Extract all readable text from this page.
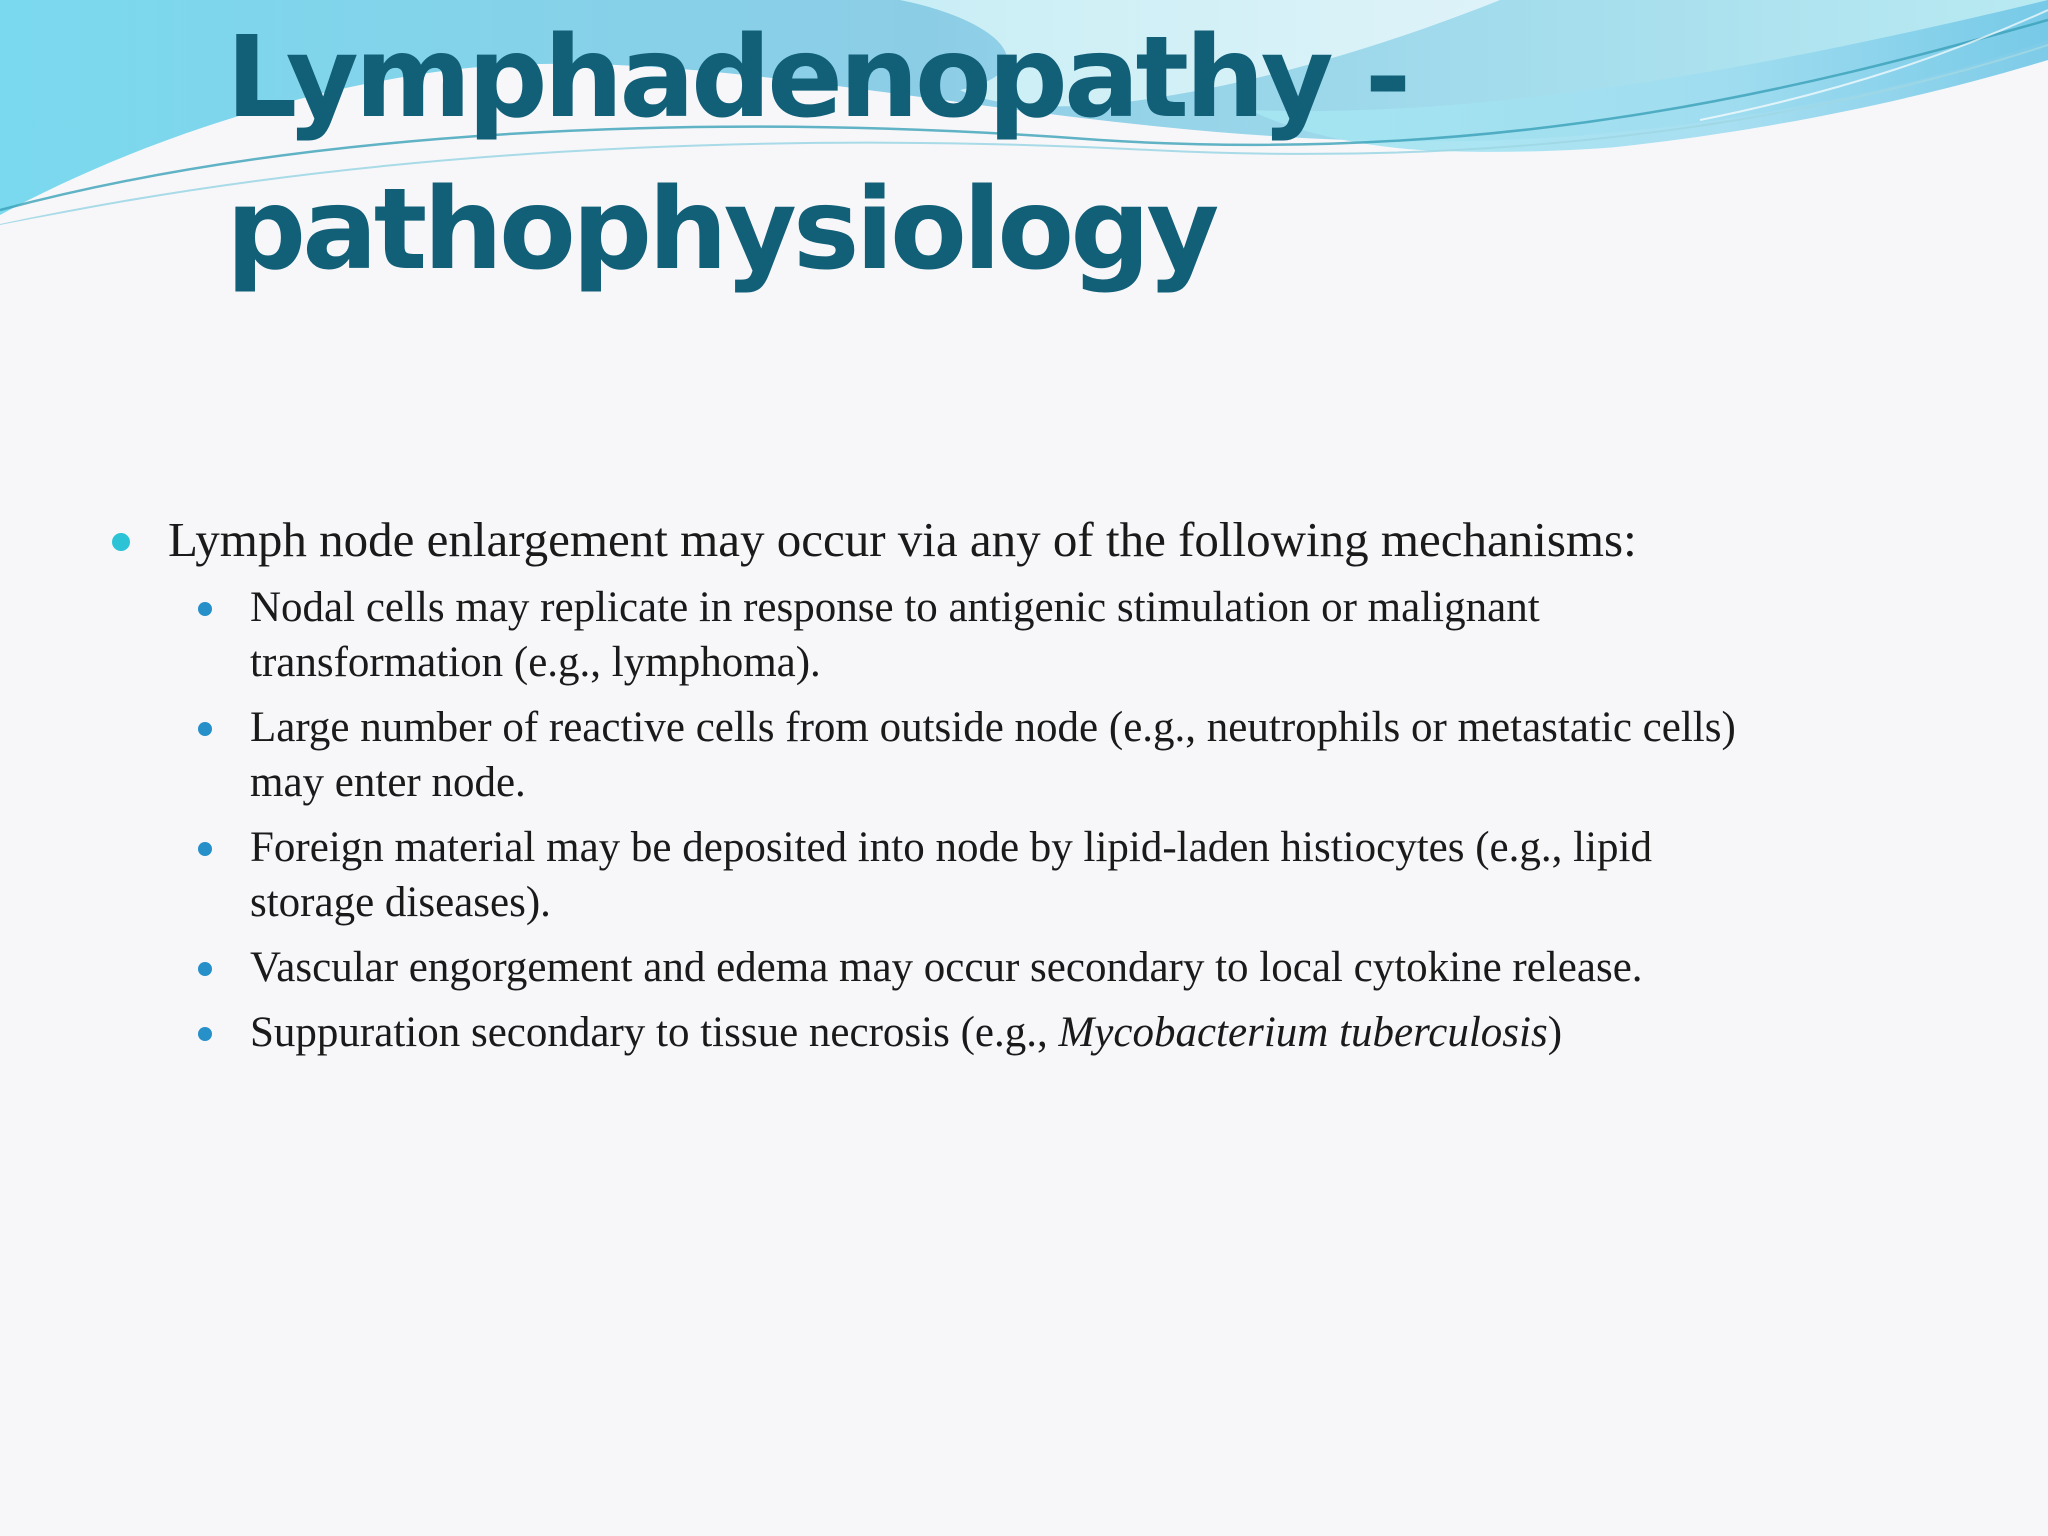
Lymphadenopathy -
pathophysiology
Lymph node enlargement may occur via any of the following mechanisms:
Nodal cells may replicate in response to antigenic stimulation or malignant
transformation (e.g., lymphoma).
Large number of reactive cells from outside node (e.g., neutrophils or metastatic cells)
may enter node.
Foreign material may be deposited into node by lipid-laden histiocytes (e.g., lipid
storage diseases).
Vascular engorgement and edema may occur secondary to local cytokine release.
Suppuration secondary to tissue necrosis (e.g., Mycobacterium tuberculosis)
